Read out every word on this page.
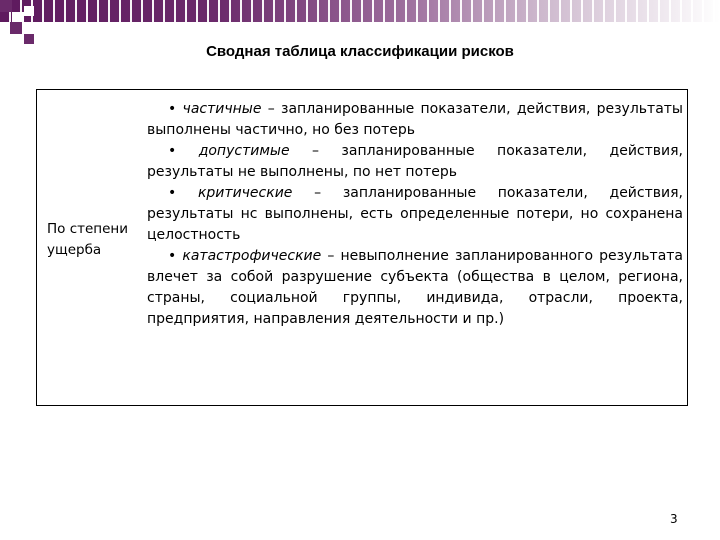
Сводная таблица классификации рисков
По степени ущерба
• частичные – запланированные показатели, действия, результаты выполнены частично, но без потерь
• допустимые – запланированные показатели, действия, результаты не выполнены, по нет потерь
• критические – запланированные показатели, действия, результаты нс выполнены, есть определенные потери, но сохранена целостность
• катастрофические – невыполнение запланированного результата влечет за собой разрушение субъекта (общества в целом, региона, страны, социальной группы, индивида, отрасли, проекта, предприятия, направления деятельности и пр.)
3
